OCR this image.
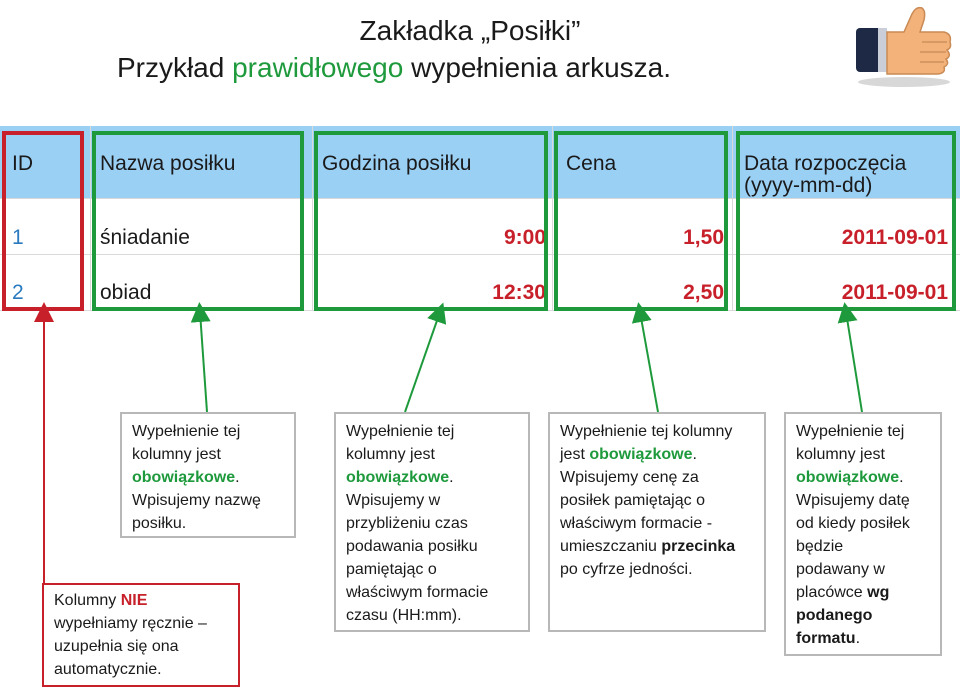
Zakładka „Posiłki”
Przykład prawidłowego wypełnienia arkusza.
ID	Nazwa posiłku	Godzina posiłku	Cena	Data rozpoczęcia
(yyyy-mm-dd)
1	śniadanie	9:00	1,50	2011-09-01
2	obiad	12:30	2,50	2011-09-01
Kolumny NIE
wypełniamy ręcznie –
uzupełnia się ona
automatycznie.
Wypełnienie tej
kolumny jest
obowiązkowe.
Wpisujemy nazwę
posiłku.
Wypełnienie tej
kolumny jest
obowiązkowe.
Wpisujemy w
przybliżeniu czas
podawania posiłku
pamiętając o
właściwym formacie
czasu (HH:mm).
Wypełnienie tej kolumny
jest obowiązkowe.
Wpisujemy cenę za
posiłek pamiętając o
właściwym formacie -
umieszczaniu przecinka
po cyfrze jedności.
Wypełnienie tej
kolumny jest
obowiązkowe.
Wpisujemy datę
od kiedy posiłek
będzie
podawany w
placówce wg
podanego
formatu.
